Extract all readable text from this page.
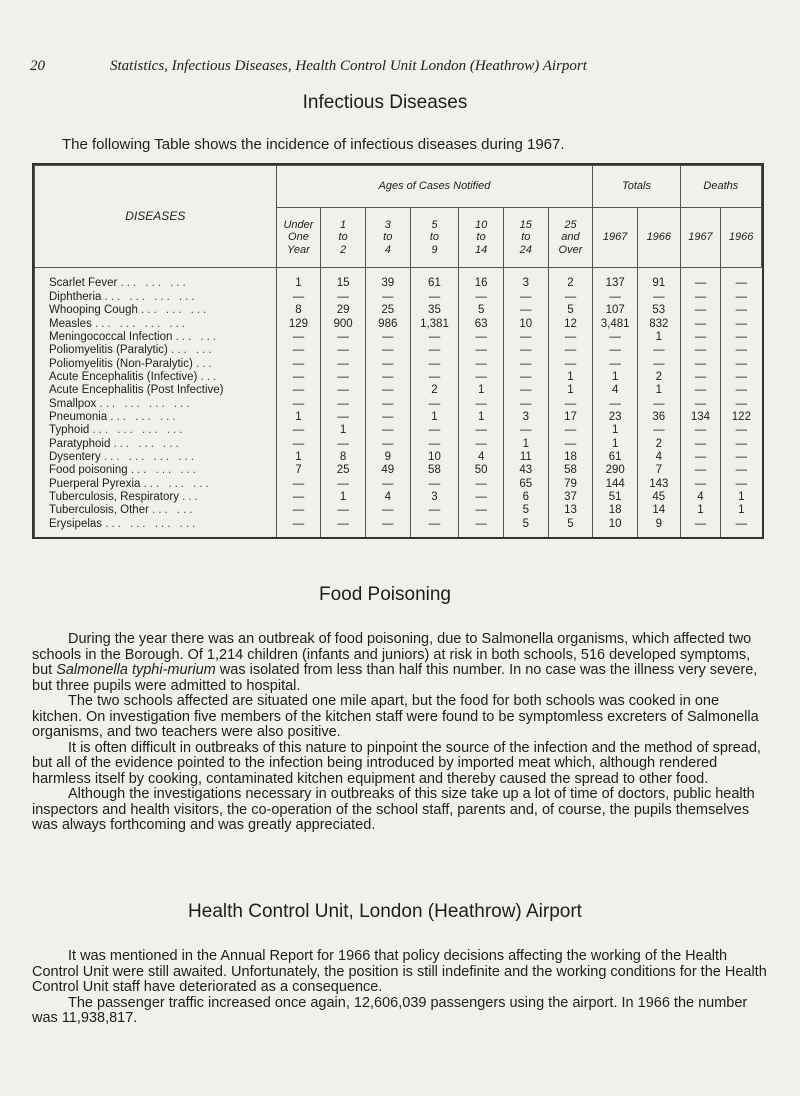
20	Statistics, Infectious Diseases, Health Control Unit London (Heathrow) Airport
Infectious Diseases
The following Table shows the incidence of infectious diseases during 1967.
DISEASES	Ages of Cases Notified							Totals		Deaths	
	Under
One
Year	1
to
2	3
to
4	5
to
9	10
to
14	15
to
24	25
and
Over	1967	1966	1967	1966
Scarlet Fever ... ... ...	1	15	39	61	16	3	2	137	91	—	—
Diphtheria ... ... ... ...	—	—	—	—	—	—	—	—	—	—	—
Whooping Cough ... ... ...	8	29	25	35	5	—	5	107	53	—	—
Measles ... ... ... ...	129	900	986	1,381	63	10	12	3,481	832	—	—
Meningococcal Infection ... ...	—	—	—	—	—	—	—	—	1	—	—
Poliomyelitis (Paralytic) ... ...	—	—	—	—	—	—	—	—	—	—	—
Poliomyelitis (Non-Paralytic) ...	—	—	—	—	—	—	—	—	—	—	—
Acute Encephalitis (Infective) ...	—	—	—	—	—	—	1	1	2	—	—
Acute Encephalitis (Post Infective)	—	—	—	2	1	—	1	4	1	—	—
Smallpox ... ... ... ...	—	—	—	—	—	—	—	—	—	—	—
Pneumonia ... ... ...	1	—	—	1	1	3	17	23	36	134	122
Typhoid ... ... ... ...	—	1	—	—	—	—	—	1	—	—	—
Paratyphoid ... ... ...	—	—	—	—	—	1	—	1	2	—	—
Dysentery ... ... ... ...	1	8	9	10	4	11	18	61	4	—	—
Food poisoning ... ... ...	7	25	49	58	50	43	58	290	7	—	—
Puerperal Pyrexia ... ... ...	—	—	—	—	—	65	79	144	143	—	—
Tuberculosis, Respiratory ...	—	1	4	3	—	6	37	51	45	4	1
Tuberculosis, Other ... ...	—	—	—	—	—	5	13	18	14	1	1
Erysipelas ... ... ... ...	—	—	—	—	—	5	5	10	9	—	—
Food Poisoning

During the year there was an outbreak of food poisoning, due to Salmonella organisms, which affected two schools in the Borough. Of 1,214 children (infants and juniors) at risk in both schools, 516 developed symptoms, but Salmonella typhi-murium was isolated from less than half this number. In no case was the illness very severe, but three pupils were admitted to hospital.

The two schools affected are situated one mile apart, but the food for both schools was cooked in one kitchen. On investigation five members of the kitchen staff were found to be symptomless excreters of Salmonella organisms, and two teachers were also positive.

It is often difficult in outbreaks of this nature to pinpoint the source of the infection and the method of spread, but all of the evidence pointed to the infection being introduced by imported meat which, although rendered harmless itself by cooking, contaminated kitchen equipment and thereby caused the spread to other food.

Although the investigations necessary in outbreaks of this size take up a lot of time of doctors, public health inspectors and health visitors, the co-operation of the school staff, parents and, of course, the pupils themselves was always forthcoming and was greatly appreciated.

Health Control Unit, London (Heathrow) Airport

It was mentioned in the Annual Report for 1966 that policy decisions affecting the working of the Health Control Unit were still awaited. Unfortunately, the position is still indefinite and the working conditions for the Health Control Unit staff have deteriorated as a consequence.

The passenger traffic increased once again, 12,606,039 passengers using the airport. In 1966 the number was 11,938,817.
